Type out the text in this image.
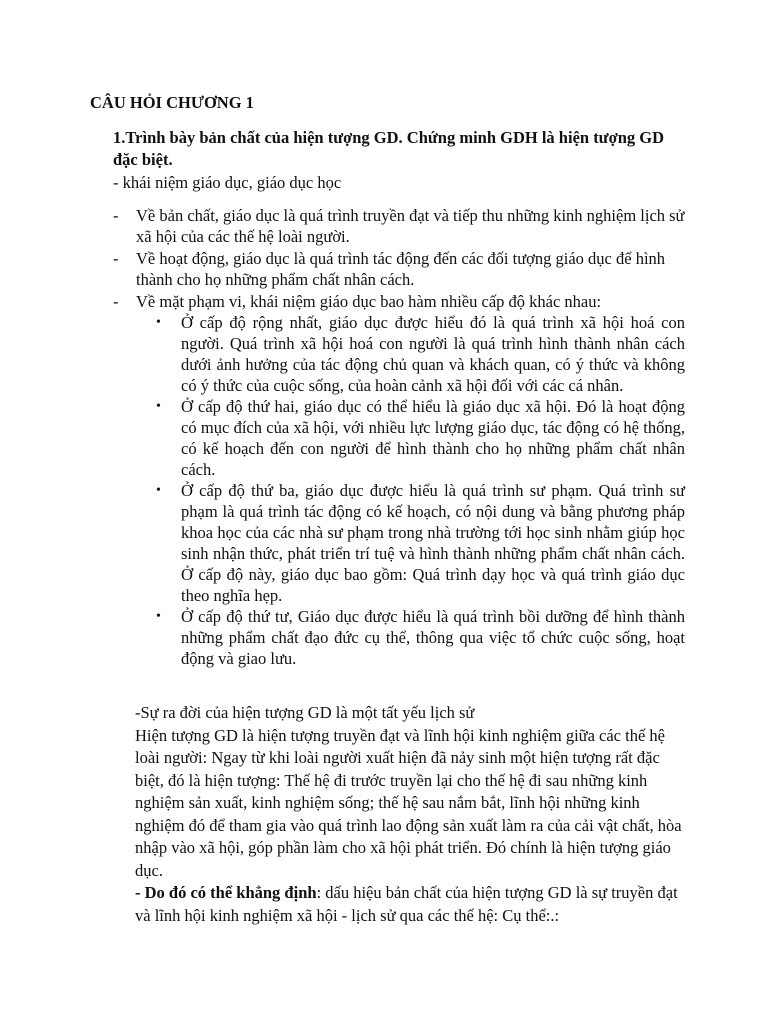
CÂU HỎI CHƯƠNG 1
1.Trình bày bản chất của hiện tượng GD. Chứng minh GDH là hiện tượng GD đặc biệt.
- khái niệm giáo dục, giáo dục học
- Về bản chất, giáo dục là quá trình truyền đạt và tiếp thu những kinh nghiệm lịch sử xã hội của các thế hệ loài người.
- Về hoạt động, giáo dục là quá trình tác động đến các đối tượng giáo dục để hình thành cho họ những phẩm chất nhân cách.
- Về mặt phạm vi, khái niệm giáo dục bao hàm nhiều cấp độ khác nhau:
• Ở cấp độ rộng nhất, giáo dục được hiểu đó là quá trình xã hội hoá con người. Quá trình xã hội hoá con người là quá trình hình thành nhân cách dưới ảnh hưởng của tác động chủ quan và khách quan, có ý thức và không có ý thức của cuộc sống, của hoàn cảnh xã hội đối với các cá nhân.
• Ở cấp độ thứ hai, giáo dục có thể hiểu là giáo dục xã hội. Đó là hoạt động có mục đích của xã hội, với nhiều lực lượng giáo dục, tác động có hệ thống, có kế hoạch đến con người để hình thành cho họ những phẩm chất nhân cách.
• Ở cấp độ thứ ba, giáo dục được hiểu là quá trình sư phạm. Quá trình sư phạm là quá trình tác động có kế hoạch, có nội dung và bằng phương pháp khoa học của các nhà sư phạm trong nhà trường tới học sinh nhằm giúp học sinh nhận thức, phát triển trí tuệ và hình thành những phẩm chất nhân cách. Ở cấp độ này, giáo dục bao gồm: Quá trình dạy học và quá trình giáo dục theo nghĩa hẹp.
• Ở cấp độ thứ tư, Giáo dục được hiểu là quá trình bồi dưỡng để hình thành những phẩm chất đạo đức cụ thể, thông qua việc tổ chức cuộc sống, hoạt động và giao lưu.

-Sự ra đời của hiện tượng GD là một tất yếu lịch sử

Hiện tượng GD là hiện tượng truyền đạt và lĩnh hội kinh nghiệm giữa các thế hệ loài người: Ngay từ khi loài người xuất hiện đã nảy sinh một hiện tượng rất đặc biệt, đó là hiện tượng: Thế hệ đi trước truyền lại cho thế hệ đi sau những kinh nghiệm sản xuất, kinh nghiệm sống; thế hệ sau nắm bắt, lĩnh hội những kinh nghiệm đó để tham gia vào quá trình lao động sản xuất làm ra của cải vật chất, hòa nhập vào xã hội, góp phần làm cho xã hội phát triển. Đó chính là hiện tượng giáo dục.

- Do đó có thể khẳng định: dấu hiệu bản chất của hiện tượng GD là sự truyền đạt và lĩnh hội kinh nghiệm xã hội - lịch sử qua các thế hệ: Cụ thể:.:
